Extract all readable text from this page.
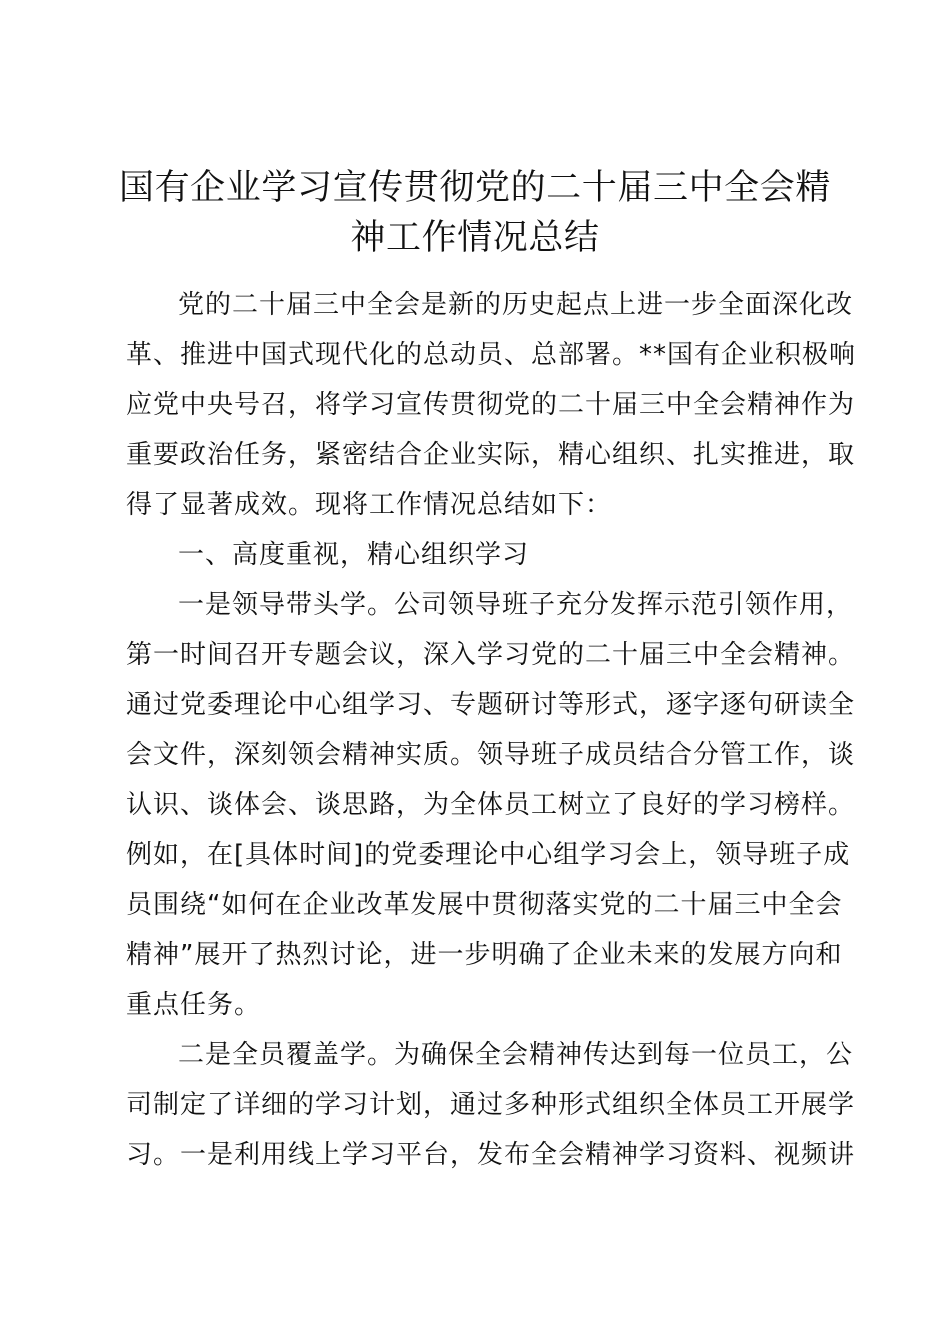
国有企业学习宣传贯彻党的二十届三中全会精
神工作情况总结
党的二十届三中全会是新的历史起点上进一步全面深化改
革、推进中国式现代化的总动员、总部署。**国有企业积极响
应党中央号召，将学习宣传贯彻党的二十届三中全会精神作为
重要政治任务，紧密结合企业实际，精心组织、扎实推进，取
得了显著成效。现将工作情况总结如下：
一、高度重视，精心组织学习
一是领导带头学。公司领导班子充分发挥示范引领作用，
第一时间召开专题会议，深入学习党的二十届三中全会精神。
通过党委理论中心组学习、专题研讨等形式，逐字逐句研读全
会文件，深刻领会精神实质。领导班子成员结合分管工作，谈
认识、谈体会、谈思路，为全体员工树立了良好的学习榜样。
例如，在[具体时间]的党委理论中心组学习会上，领导班子成
员围绕“如何在企业改革发展中贯彻落实党的二十届三中全会
精神”展开了热烈讨论，进一步明确了企业未来的发展方向和
重点任务。
二是全员覆盖学。为确保全会精神传达到每一位员工，公
司制定了详细的学习计划，通过多种形式组织全体员工开展学
习。一是利用线上学习平台，发布全会精神学习资料、视频讲
